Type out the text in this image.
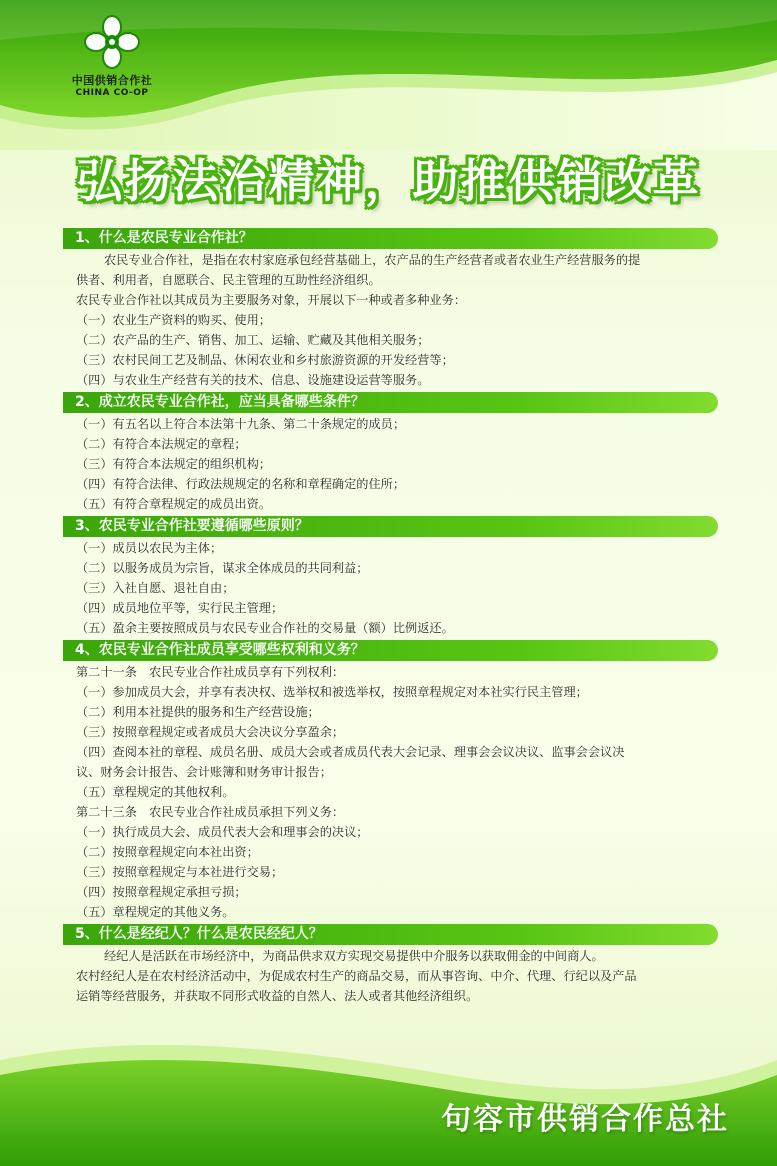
中国供销合作社
CHINA CO-OP
弘扬法治精神，助推供销改革
1、什么是农民专业合作社？
农民专业合作社，是指在农村家庭承包经营基础上，农产品的生产经营者或者农业生产经营服务的提
供者、利用者，自愿联合、民主管理的互助性经济组织。
农民专业合作社以其成员为主要服务对象，开展以下一种或者多种业务：
（一）农业生产资料的购买、使用；
（二）农产品的生产、销售、加工、运输、贮藏及其他相关服务；
（三）农村民间工艺及制品、休闲农业和乡村旅游资源的开发经营等；
（四）与农业生产经营有关的技术、信息、设施建设运营等服务。
2、成立农民专业合作社，应当具备哪些条件？
（一）有五名以上符合本法第十九条、第二十条规定的成员；
（二）有符合本法规定的章程；
（三）有符合本法规定的组织机构；
（四）有符合法律、行政法规规定的名称和章程确定的住所；
（五）有符合章程规定的成员出资。
3、农民专业合作社要遵循哪些原则？
（一）成员以农民为主体；
（二）以服务成员为宗旨，谋求全体成员的共同利益；
（三）入社自愿、退社自由；
（四）成员地位平等，实行民主管理；
（五）盈余主要按照成员与农民专业合作社的交易量（额）比例返还。
4、农民专业合作社成员享受哪些权利和义务？
第二十一条　农民专业合作社成员享有下列权利：
（一）参加成员大会，并享有表决权、选举权和被选举权，按照章程规定对本社实行民主管理；
（二）利用本社提供的服务和生产经营设施；
（三）按照章程规定或者成员大会决议分享盈余；
（四）查阅本社的章程、成员名册、成员大会或者成员代表大会记录、理事会会议决议、监事会会议决
议、财务会计报告、会计账簿和财务审计报告；
（五）章程规定的其他权利。
第二十三条　农民专业合作社成员承担下列义务：
（一）执行成员大会、成员代表大会和理事会的决议；
（二）按照章程规定向本社出资；
（三）按照章程规定与本社进行交易；
（四）按照章程规定承担亏损；
（五）章程规定的其他义务。
5、什么是经纪人？什么是农民经纪人？
经纪人是活跃在市场经济中，为商品供求双方实现交易提供中介服务以获取佣金的中间商人。
农村经纪人是在农村经济活动中，为促成农村生产的商品交易，而从事咨询、中介、代理、行纪以及产品
运销等经营服务，并获取不同形式收益的自然人、法人或者其他经济组织。
句容市供销合作总社
